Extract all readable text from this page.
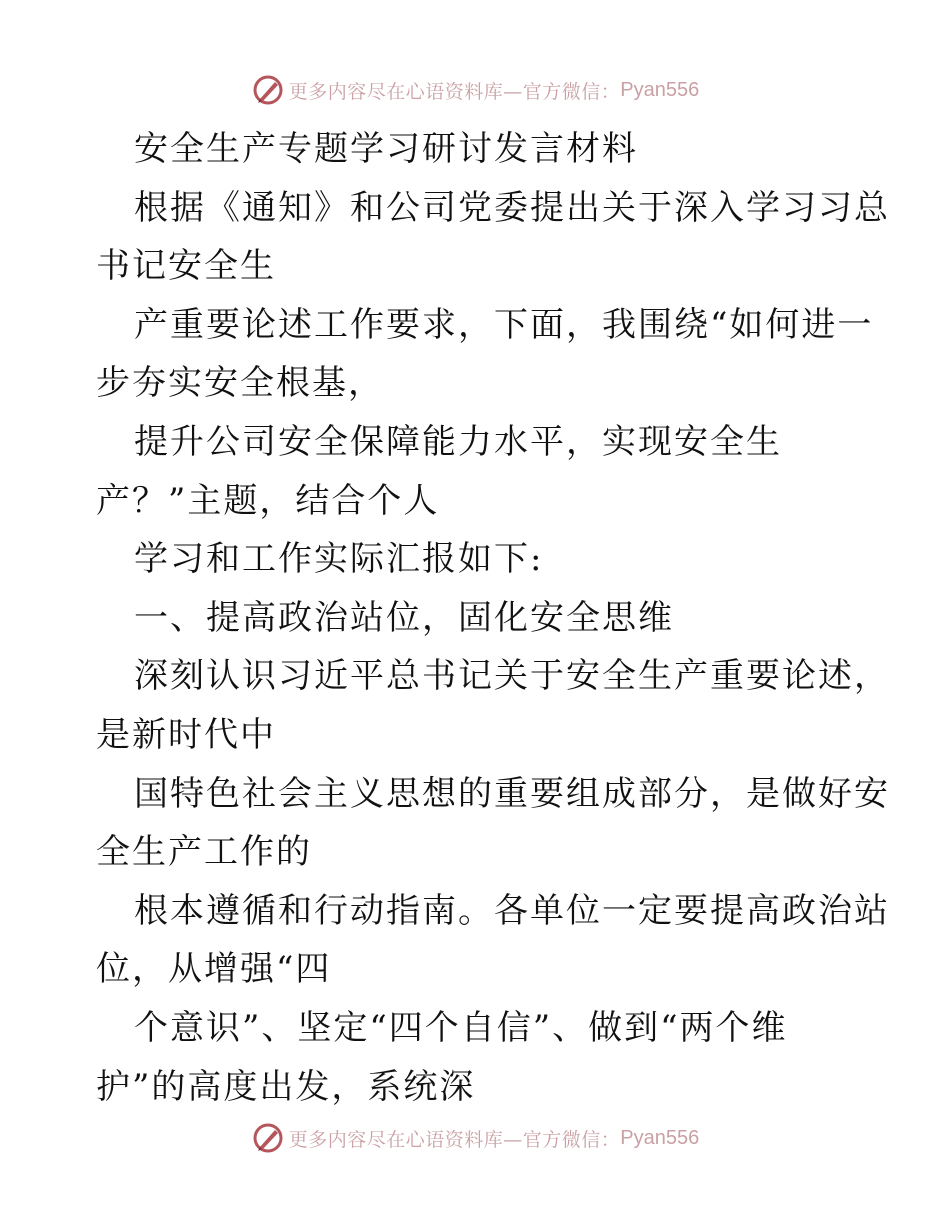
更多内容尽在心语资料库—官方微信： Pyan556
安全生产专题学习研讨发言材料
根据《通知》和公司党委提出关于深入学习习总
书记安全生
产重要论述工作要求，下面，我围绕“如何进一
步夯实安全根基，
提升公司安全保障能力水平，实现安全生
产？”主题，结合个人
学习和工作实际汇报如下:
一、提高政治站位，固化安全思维
深刻认识习近平总书记关于安全生产重要论述，
是新时代中
国特色社会主义思想的重要组成部分，是做好安
全生产工作的
根本遵循和行动指南。各单位一定要提高政治站
位，从增强“四
个意识”、坚定“四个自信”、做到“两个维
护”的高度出发，系统深
更多内容尽在心语资料库—官方微信： Pyan556
